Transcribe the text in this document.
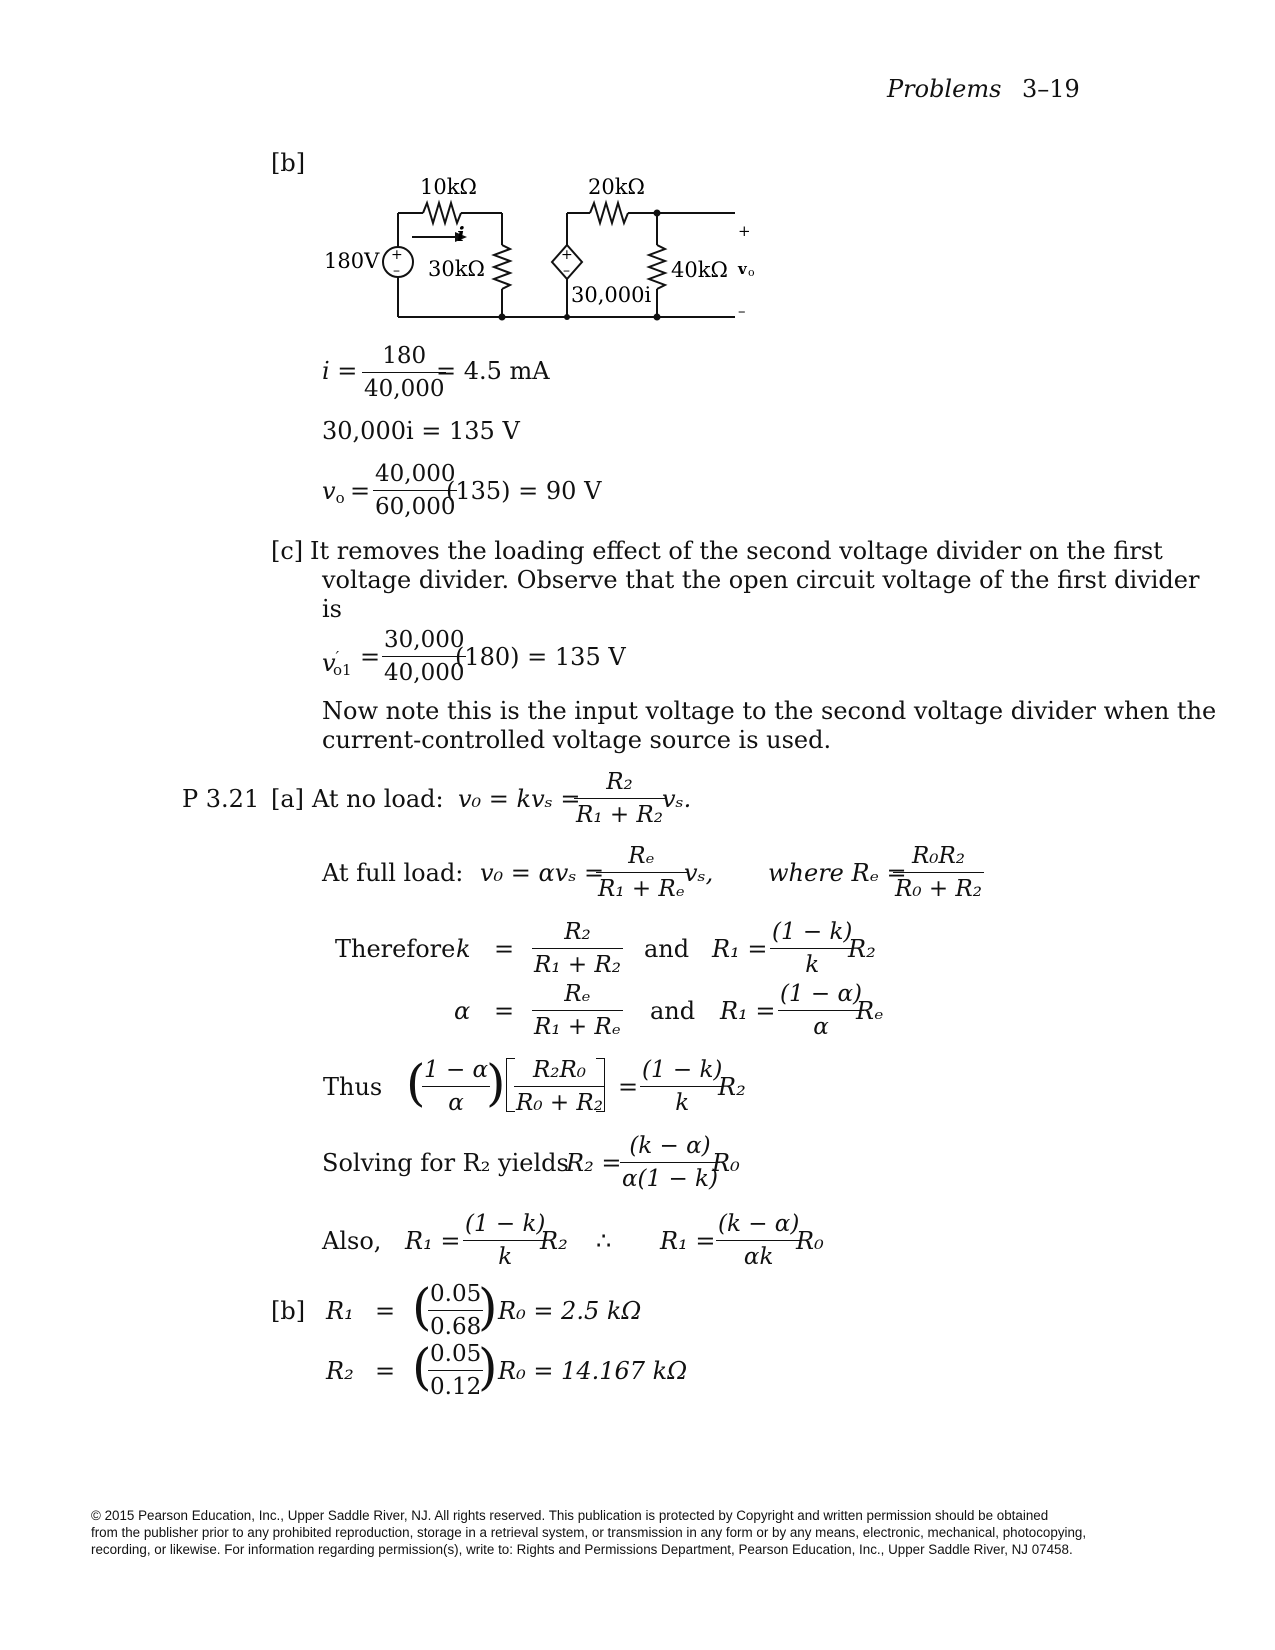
Problems 3–19
[b]
10kΩ	20kΩ
180V 30kΩ
i
40kΩ
30,000i
+
–
+
–
+
v o
–
$i = \frac{180}{40,000}$
= 4.5 mA
30,000i = 135 V
$v_o = \frac{40,000}{60,000}$
(135) = 90 V
[c] It removes the loading effect of the second voltage divider on the first
voltage divider. Observe that the open circuit voltage of the first divider
is
$v'_{o1} = \frac{30,000}{40,000}$
(180) = 135 V
Now note this is the input voltage to the second voltage divider when the
current-controlled voltage source is used.
P 3.21 [a] At no load: v₀ = kvₛ =
$\frac{\text{R₂}}{\text{R₁ + R₂}}$
vₛ.
At full load: v₀ = αvₛ =
$\frac{\text{Rₑ}}{\text{R₁ + Rₑ}}$
vₛ, where Rₑ =
$\frac{\text{R₀R₂}}{\text{R₀ + R₂}}$
Therefore $k = \frac{\text{R₂}}{\text{R₁ + R₂}}$ and $R_1 = \frac{(1 - k)}{k}$
R₂
$\alpha = \frac{\text{Rₑ}}{\text{R₁ + Rₑ}}$ and $R_1 = \frac{(1 - \alpha)}{\alpha}$
Rₑ
Thus (
$\frac{1 - \alpha}{\alpha}$
) $\frac{\text{R₂R₀}}{\text{R₀ + R₂}} = \frac{(1 - k)}{k}$
R₂
Solving for R₂ yields
R₂ =
$\frac{(k - \alpha)}{\alpha(1 - k)}$
R₀
Also, $R_1 = \frac{(1 - k)}{k}$
R₂ ∴ $R_1 = \frac{(k - \alpha)}{\alpha k}$
R₀
[b] R₁ = (
$\frac{0.05}{0.68}$
) R₀ = 2.5 kΩ
R₂ = (
$\frac{0.05}{0.12}$
) R₀ = 14.167 kΩ
© 2015 Pearson Education, Inc., Upper Saddle River, NJ. All rights reserved. This publication is protected by Copyright and written permission should be obtained
from the publisher prior to any prohibited reproduction, storage in a retrieval system, or transmission in any form or by any means, electronic, mechanical, photocopying,
recording, or likewise. For information regarding permission(s), write to: Rights and Permissions Department, Pearson Education, Inc., Upper Saddle River, NJ 07458.
